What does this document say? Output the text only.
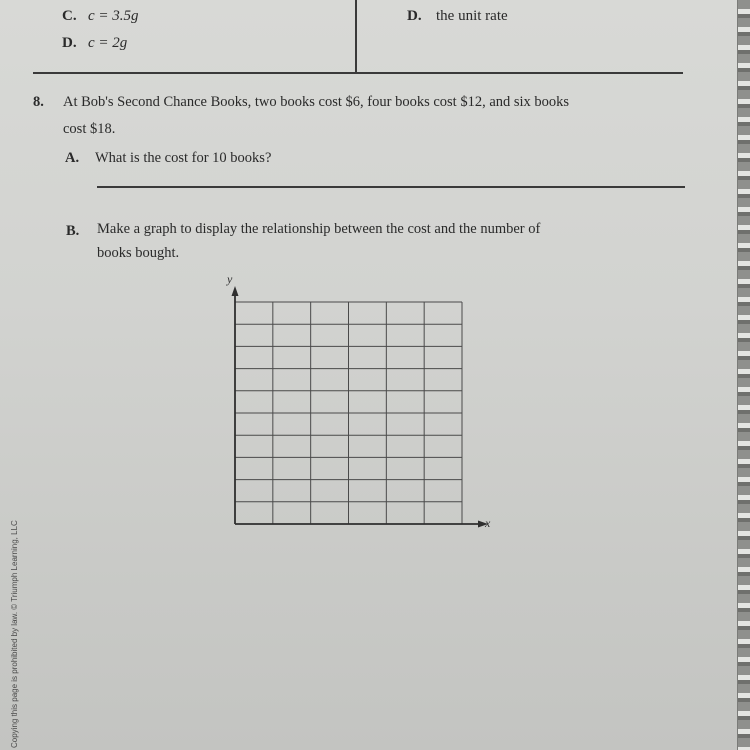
C. c = 3.5g
D. c = 2g
D. the unit rate
8. At Bob's Second Chance Books, two books cost $6, four books cost $12, and six books
cost $18.
A. What is the cost for 10 books?
B. Make a graph to display the relationship between the cost and the number of
books bought.
y
x
Copying this page is prohibited by law. © Triumph Learning, LLC
